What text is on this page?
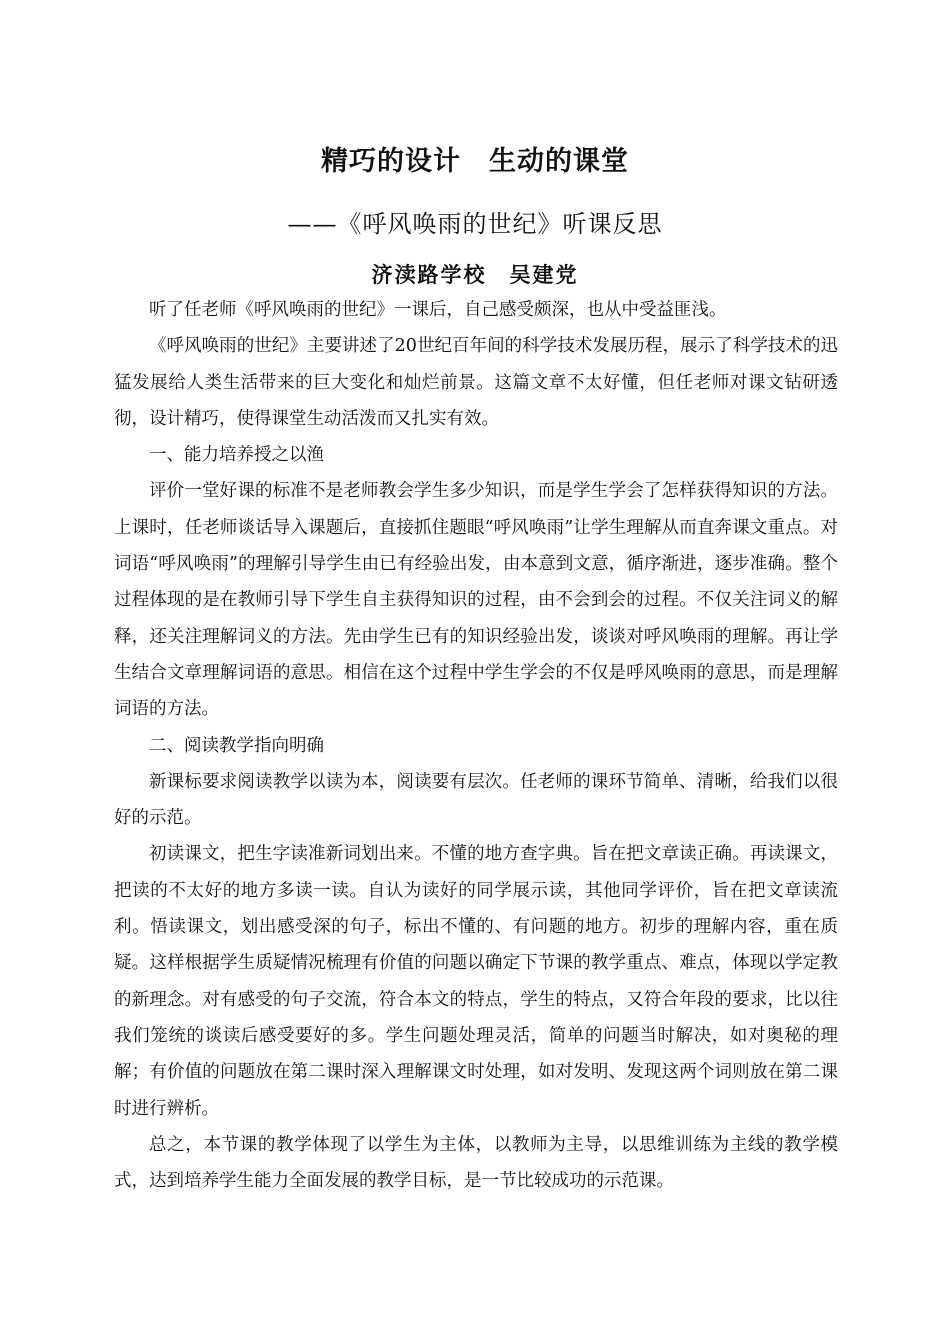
精巧的设计　生动的课堂
——《呼风唤雨的世纪》听课反思
济渎路学校　吴建党

听了任老师《呼风唤雨的世纪》一课后，自己感受颇深，也从中受益匪浅。

《呼风唤雨的世纪》主要讲述了20世纪百年间的科学技术发展历程，展示了科学技术的迅猛发展给人类生活带来的巨大变化和灿烂前景。这篇文章不太好懂，但任老师对课文钻研透彻，设计精巧，使得课堂生动活泼而又扎实有效。

一、能力培养授之以渔

评价一堂好课的标准不是老师教会学生多少知识，而是学生学会了怎样获得知识的方法。上课时，任老师谈话导入课题后，直接抓住题眼“呼风唤雨”让学生理解从而直奔课文重点。对词语“呼风唤雨”的理解引导学生由已有经验出发，由本意到文意，循序渐进，逐步准确。整个过程体现的是在教师引导下学生自主获得知识的过程，由不会到会的过程。不仅关注词义的解释，还关注理解词义的方法。先由学生已有的知识经验出发，谈谈对呼风唤雨的理解。再让学生结合文章理解词语的意思。相信在这个过程中学生学会的不仅是呼风唤雨的意思，而是理解词语的方法。

二、阅读教学指向明确

新课标要求阅读教学以读为本，阅读要有层次。任老师的课环节简单、清晰，给我们以很好的示范。

初读课文，把生字读准新词划出来。不懂的地方查字典。旨在把文章读正确。再读课文，把读的不太好的地方多读一读。自认为读好的同学展示读，其他同学评价，旨在把文章读流利。悟读课文，划出感受深的句子，标出不懂的、有问题的地方。初步的理解内容，重在质疑。这样根据学生质疑情况梳理有价值的问题以确定下节课的教学重点、难点，体现以学定教的新理念。对有感受的句子交流，符合本文的特点，学生的特点，又符合年段的要求，比以往我们笼统的谈读后感受要好的多。学生问题处理灵活，简单的问题当时解决，如对奥秘的理解；有价值的问题放在第二课时深入理解课文时处理，如对发明、发现这两个词则放在第二课时进行辨析。

总之，本节课的教学体现了以学生为主体，以教师为主导，以思维训练为主线的教学模式，达到培养学生能力全面发展的教学目标，是一节比较成功的示范课。
